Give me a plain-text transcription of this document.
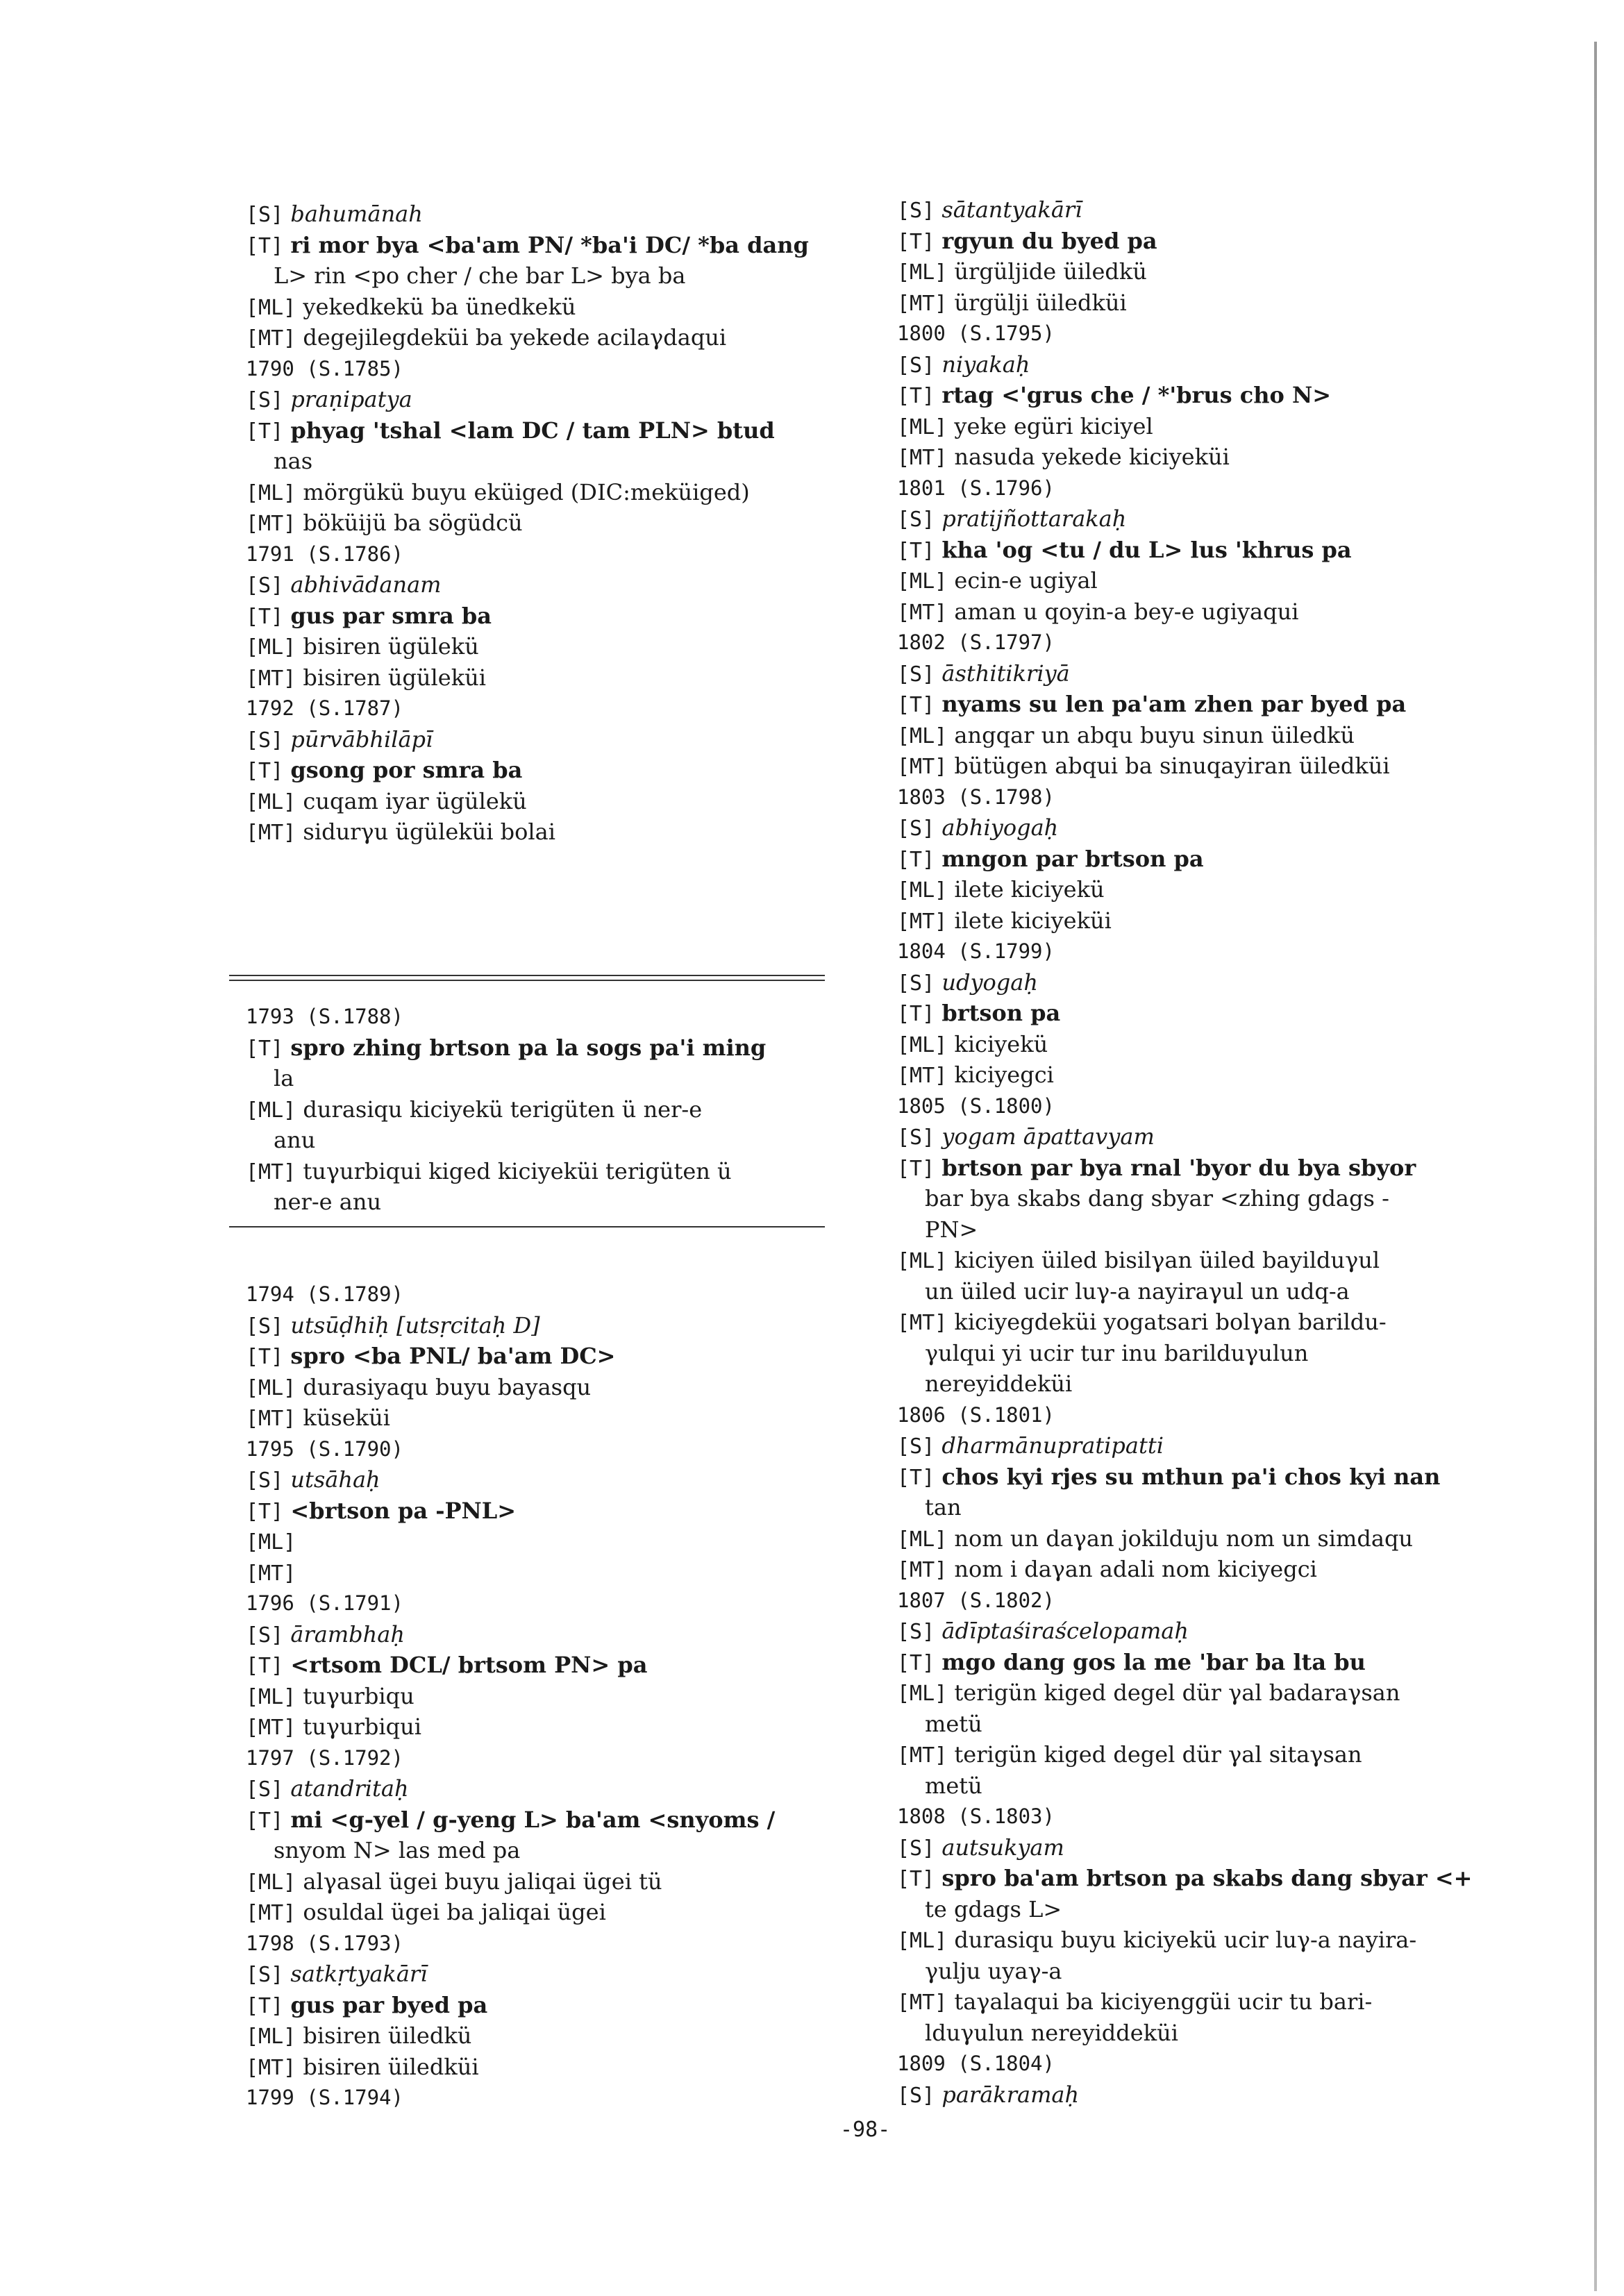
[S] bahumānah
[T] ri mor bya <ba'am PN/ *ba'i DC/ *ba dang
L> rin <po cher / che bar L> bya ba
[ML] yekedkekü ba ünedkekü
[MT] degejilegdeküi ba yekede acilaγdaqui
1790 (S.1785)
[S] praṇipatya
[T] phyag 'tshal <lam DC / tam PLN> btud
nas
[ML] mörgükü buyu eküiged (DIC:meküiged)
[MT] böküijü ba sögüdcü
1791 (S.1786)
[S] abhivādanam
[T] gus par smra ba
[ML] bisiren ügülekü
[MT] bisiren ügüleküi
1792 (S.1787)
[S] pūrvābhilāpī
[T] gsong por smra ba
[ML] cuqam iyar ügülekü
[MT] sidurγu ügüleküi bolai
1793 (S.1788)
[T] spro zhing brtson pa la sogs pa'i ming
la
[ML] durasiqu kiciyekü terigüten ü ner-e
anu
[MT] tuγurbiqui kiged kiciyeküi terigüten ü
ner-e anu
1794 (S.1789)
[S] utsūḍhiḥ [utsṛcitaḥ D]
[T] spro <ba PNL/ ba'am DC>
[ML] durasiyaqu buyu bayasqu
[MT] küseküi
1795 (S.1790)
[S] utsāhaḥ
[T] <brtson pa -PNL>
[ML]
[MT]
1796 (S.1791)
[S] ārambhaḥ
[T] <rtsom DCL/ brtsom PN> pa
[ML] tuγurbiqu
[MT] tuγurbiqui
1797 (S.1792)
[S] atandritaḥ
[T] mi <g-yel / g-yeng L> ba'am <snyoms /
snyom N> las med pa
[ML] alγasal ügei buyu jaliqai ügei tü
[MT] osuldal ügei ba jaliqai ügei
1798 (S.1793)
[S] satkṛtyakārī
[T] gus par byed pa
[ML] bisiren üiledkü
[MT] bisiren üiledküi
1799 (S.1794)
[S] sātantyakārī
[T] rgyun du byed pa
[ML] ürgüljide üiledkü
[MT] ürgülji üiledküi
1800 (S.1795)
[S] niyakaḥ
[T] rtag <'grus che / *'brus cho N>
[ML] yeke egüri kiciyel
[MT] nasuda yekede kiciyeküi
1801 (S.1796)
[S] pratijñottarakaḥ
[T] kha 'og <tu / du L> lus 'khrus pa
[ML] ecin-e ugiyal
[MT] aman u qoyin-a bey-e ugiyaqui
1802 (S.1797)
[S] āsthitikriyā
[T] nyams su len pa'am zhen par byed pa
[ML] angqar un abqu buyu sinun üiledkü
[MT] bütügen abqui ba sinuqayiran üiledküi
1803 (S.1798)
[S] abhiyogaḥ
[T] mngon par brtson pa
[ML] ilete kiciyekü
[MT] ilete kiciyeküi
1804 (S.1799)
[S] udyogaḥ
[T] brtson pa
[ML] kiciyekü
[MT] kiciyegci
1805 (S.1800)
[S] yogam āpattavyam
[T] brtson par bya rnal 'byor du bya sbyor
bar bya skabs dang sbyar <zhing gdags -
PN>
[ML] kiciyen üiled bisilγan üiled bayilduγul
un üiled ucir luγ-a nayiraγul un udq-a
[MT] kiciyegdeküi yogatsari bolγan barildu-
γulqui yi ucir tur inu barilduγulun
nereyiddeküi
1806 (S.1801)
[S] dharmānupratipatti
[T] chos kyi rjes su mthun pa'i chos kyi nan
tan
[ML] nom un daγan jokilduju nom un simdaqu
[MT] nom i daγan adali nom kiciyegci
1807 (S.1802)
[S] ādīptaśiraścelopamaḥ
[T] mgo dang gos la me 'bar ba lta bu
[ML] terigün kiged degel dür γal badaraγsan
metü
[MT] terigün kiged degel dür γal sitaγsan
metü
1808 (S.1803)
[S] autsukyam
[T] spro ba'am brtson pa skabs dang sbyar <+
te gdags L>
[ML] durasiqu buyu kiciyekü ucir luγ-a nayira-
γulju uyaγ-a
[MT] taγalaqui ba kiciyenggüi ucir tu bari-
lduγulun nereyiddeküi
1809 (S.1804)
[S] parākramaḥ
-98-
